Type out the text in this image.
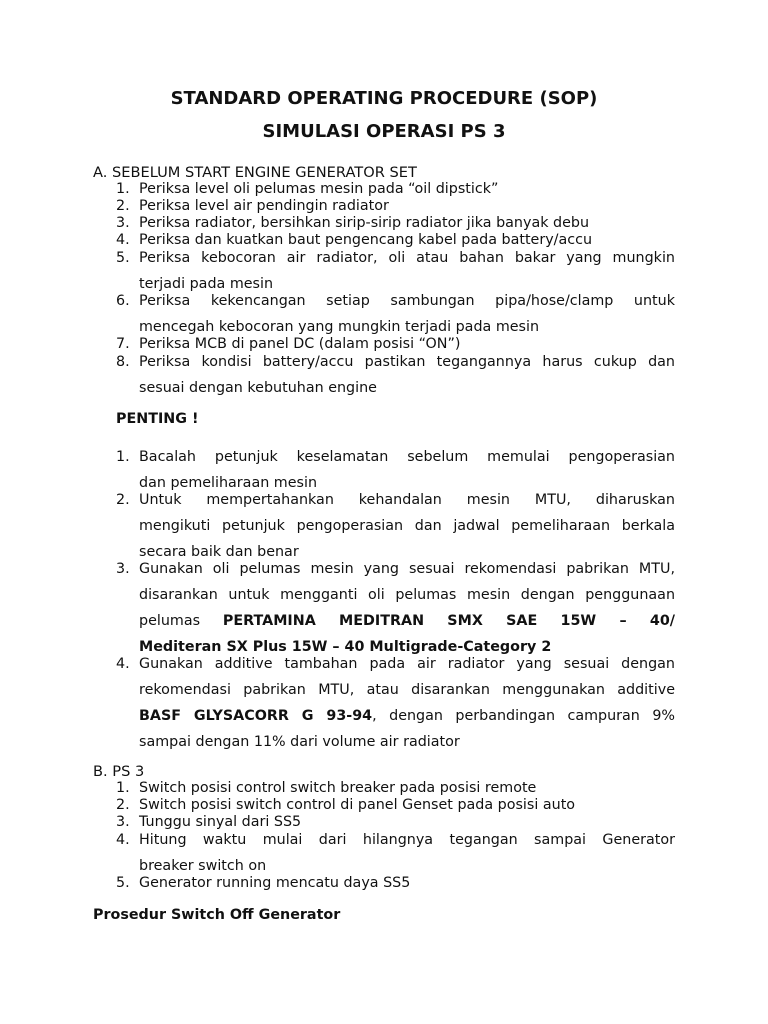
STANDARD OPERATING PROCEDURE (SOP)
SIMULASI OPERASI PS 3
A. SEBELUM START ENGINE GENERATOR SET
1. Periksa level oli pelumas mesin pada “oil dipstick”
2. Periksa level air pendingin radiator
3. Periksa radiator, bersihkan sirip-sirip radiator jika banyak debu
4. Periksa dan kuatkan baut pengencang kabel pada battery/accu
5. Periksa kebocoran air radiator, oli atau bahan bakar yang mungkin
terjadi pada mesin
6. Periksa kekencangan setiap sambungan pipa/hose/clamp untuk
mencegah kebocoran yang mungkin terjadi pada mesin
7. Periksa MCB di panel DC (dalam posisi “ON”)
8. Periksa kondisi battery/accu pastikan tegangannya harus cukup dan
sesuai dengan kebutuhan engine
PENTING !
1. Bacalah petunjuk keselamatan sebelum memulai pengoperasian
dan pemeliharaan mesin
2. Untuk mempertahankan kehandalan mesin MTU, diharuskan
mengikuti petunjuk pengoperasian dan jadwal pemeliharaan berkala
secara baik dan benar
3. Gunakan oli pelumas mesin yang sesuai rekomendasi pabrikan MTU,
disarankan untuk mengganti oli pelumas mesin dengan penggunaan
pelumas PERTAMINA MEDITRAN SMX SAE 15W – 40/
Mediteran SX Plus 15W – 40 Multigrade-Category 2
4. Gunakan additive tambahan pada air radiator yang sesuai dengan
rekomendasi pabrikan MTU, atau disarankan menggunakan additive
BASF GLYSACORR G 93-94, dengan perbandingan campuran 9%
sampai dengan 11% dari volume air radiator
B. PS 3
1. Switch posisi control switch breaker pada posisi remote
2. Switch posisi switch control di panel Genset pada posisi auto
3. Tunggu sinyal dari SS5
4. Hitung waktu mulai dari hilangnya tegangan sampai Generator
breaker switch on
5. Generator running mencatu daya SS5
Prosedur Switch Off Generator
